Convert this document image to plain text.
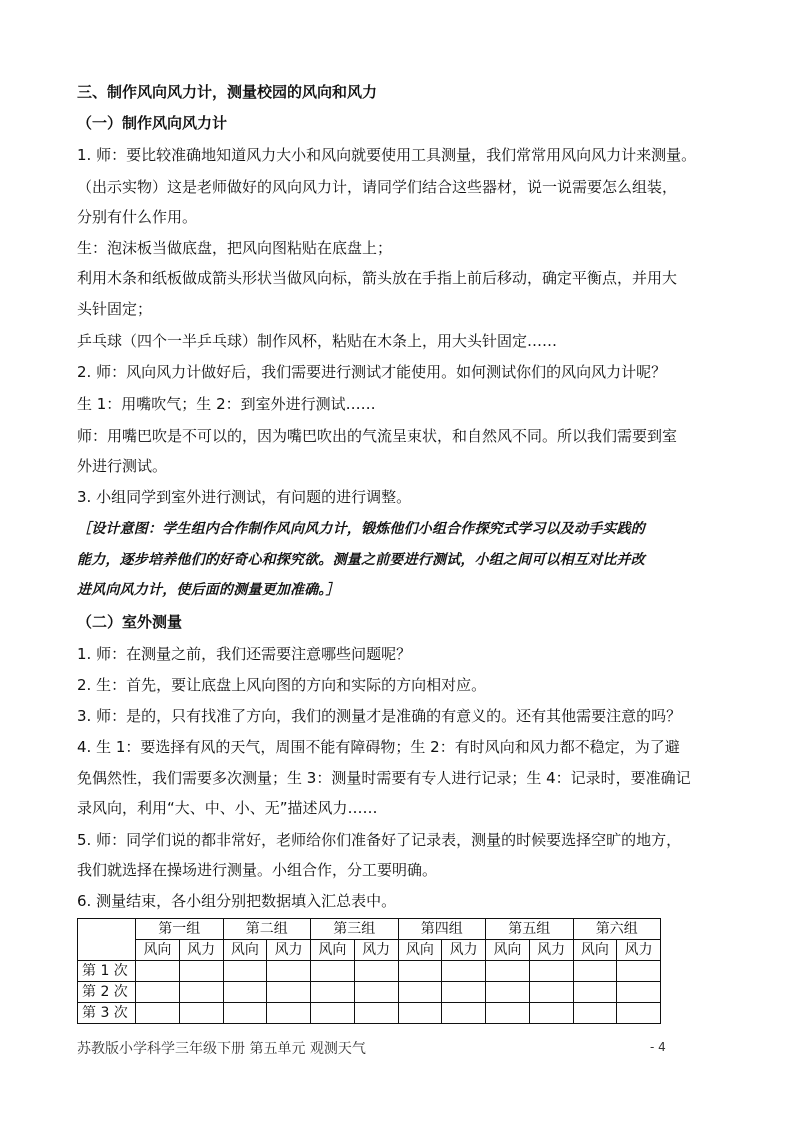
三、制作风向风力计，测量校园的风向和风力
（一）制作风向风力计
1. 师：要比较准确地知道风力大小和风向就要使用工具测量，我们常常用风向风力计来测量。
（出示实物）这是老师做好的风向风力计，请同学们结合这些器材，说一说需要怎么组装，
分别有什么作用。
生：泡沫板当做底盘，把风向图粘贴在底盘上；
利用木条和纸板做成箭头形状当做风向标，箭头放在手指上前后移动，确定平衡点，并用大
头针固定；
乒乓球（四个一半乒乓球）制作风杯，粘贴在木条上，用大头针固定……
2. 师：风向风力计做好后，我们需要进行测试才能使用。如何测试你们的风向风力计呢？
生 1：用嘴吹气；生 2：到室外进行测试……
师：用嘴巴吹是不可以的，因为嘴巴吹出的气流呈束状，和自然风不同。所以我们需要到室
外进行测试。
3. 小组同学到室外进行测试，有问题的进行调整。
［设计意图：学生组内合作制作风向风力计，锻炼他们小组合作探究式学习以及动手实践的
能力，逐步培养他们的好奇心和探究欲。测量之前要进行测试，小组之间可以相互对比并改
进风向风力计，使后面的测量更加准确。］
（二）室外测量
1. 师：在测量之前，我们还需要注意哪些问题呢？
2. 生：首先，要让底盘上风向图的方向和实际的方向相对应。
3. 师：是的，只有找准了方向，我们的测量才是准确的有意义的。还有其他需要注意的吗？
4. 生 1：要选择有风的天气，周围不能有障碍物；生 2：有时风向和风力都不稳定，为了避
免偶然性，我们需要多次测量；生 3：测量时需要有专人进行记录；生 4：记录时，要准确记
录风向，利用“大、中、小、无”描述风力……
5. 师：同学们说的都非常好，老师给你们准备好了记录表，测量的时候要选择空旷的地方，
我们就选择在操场进行测量。小组合作，分工要明确。
6. 测量结束，各小组分别把数据填入汇总表中。
	第一组		第二组		第三组		第四组		第五组		第六组	
	风向	风力	风向	风力	风向	风力	风向	风力	风向	风力	风向	风力
第 1 次												
第 2 次												
第 3 次												
苏教版小学科学三年级下册 第五单元 观测天气	- 4
